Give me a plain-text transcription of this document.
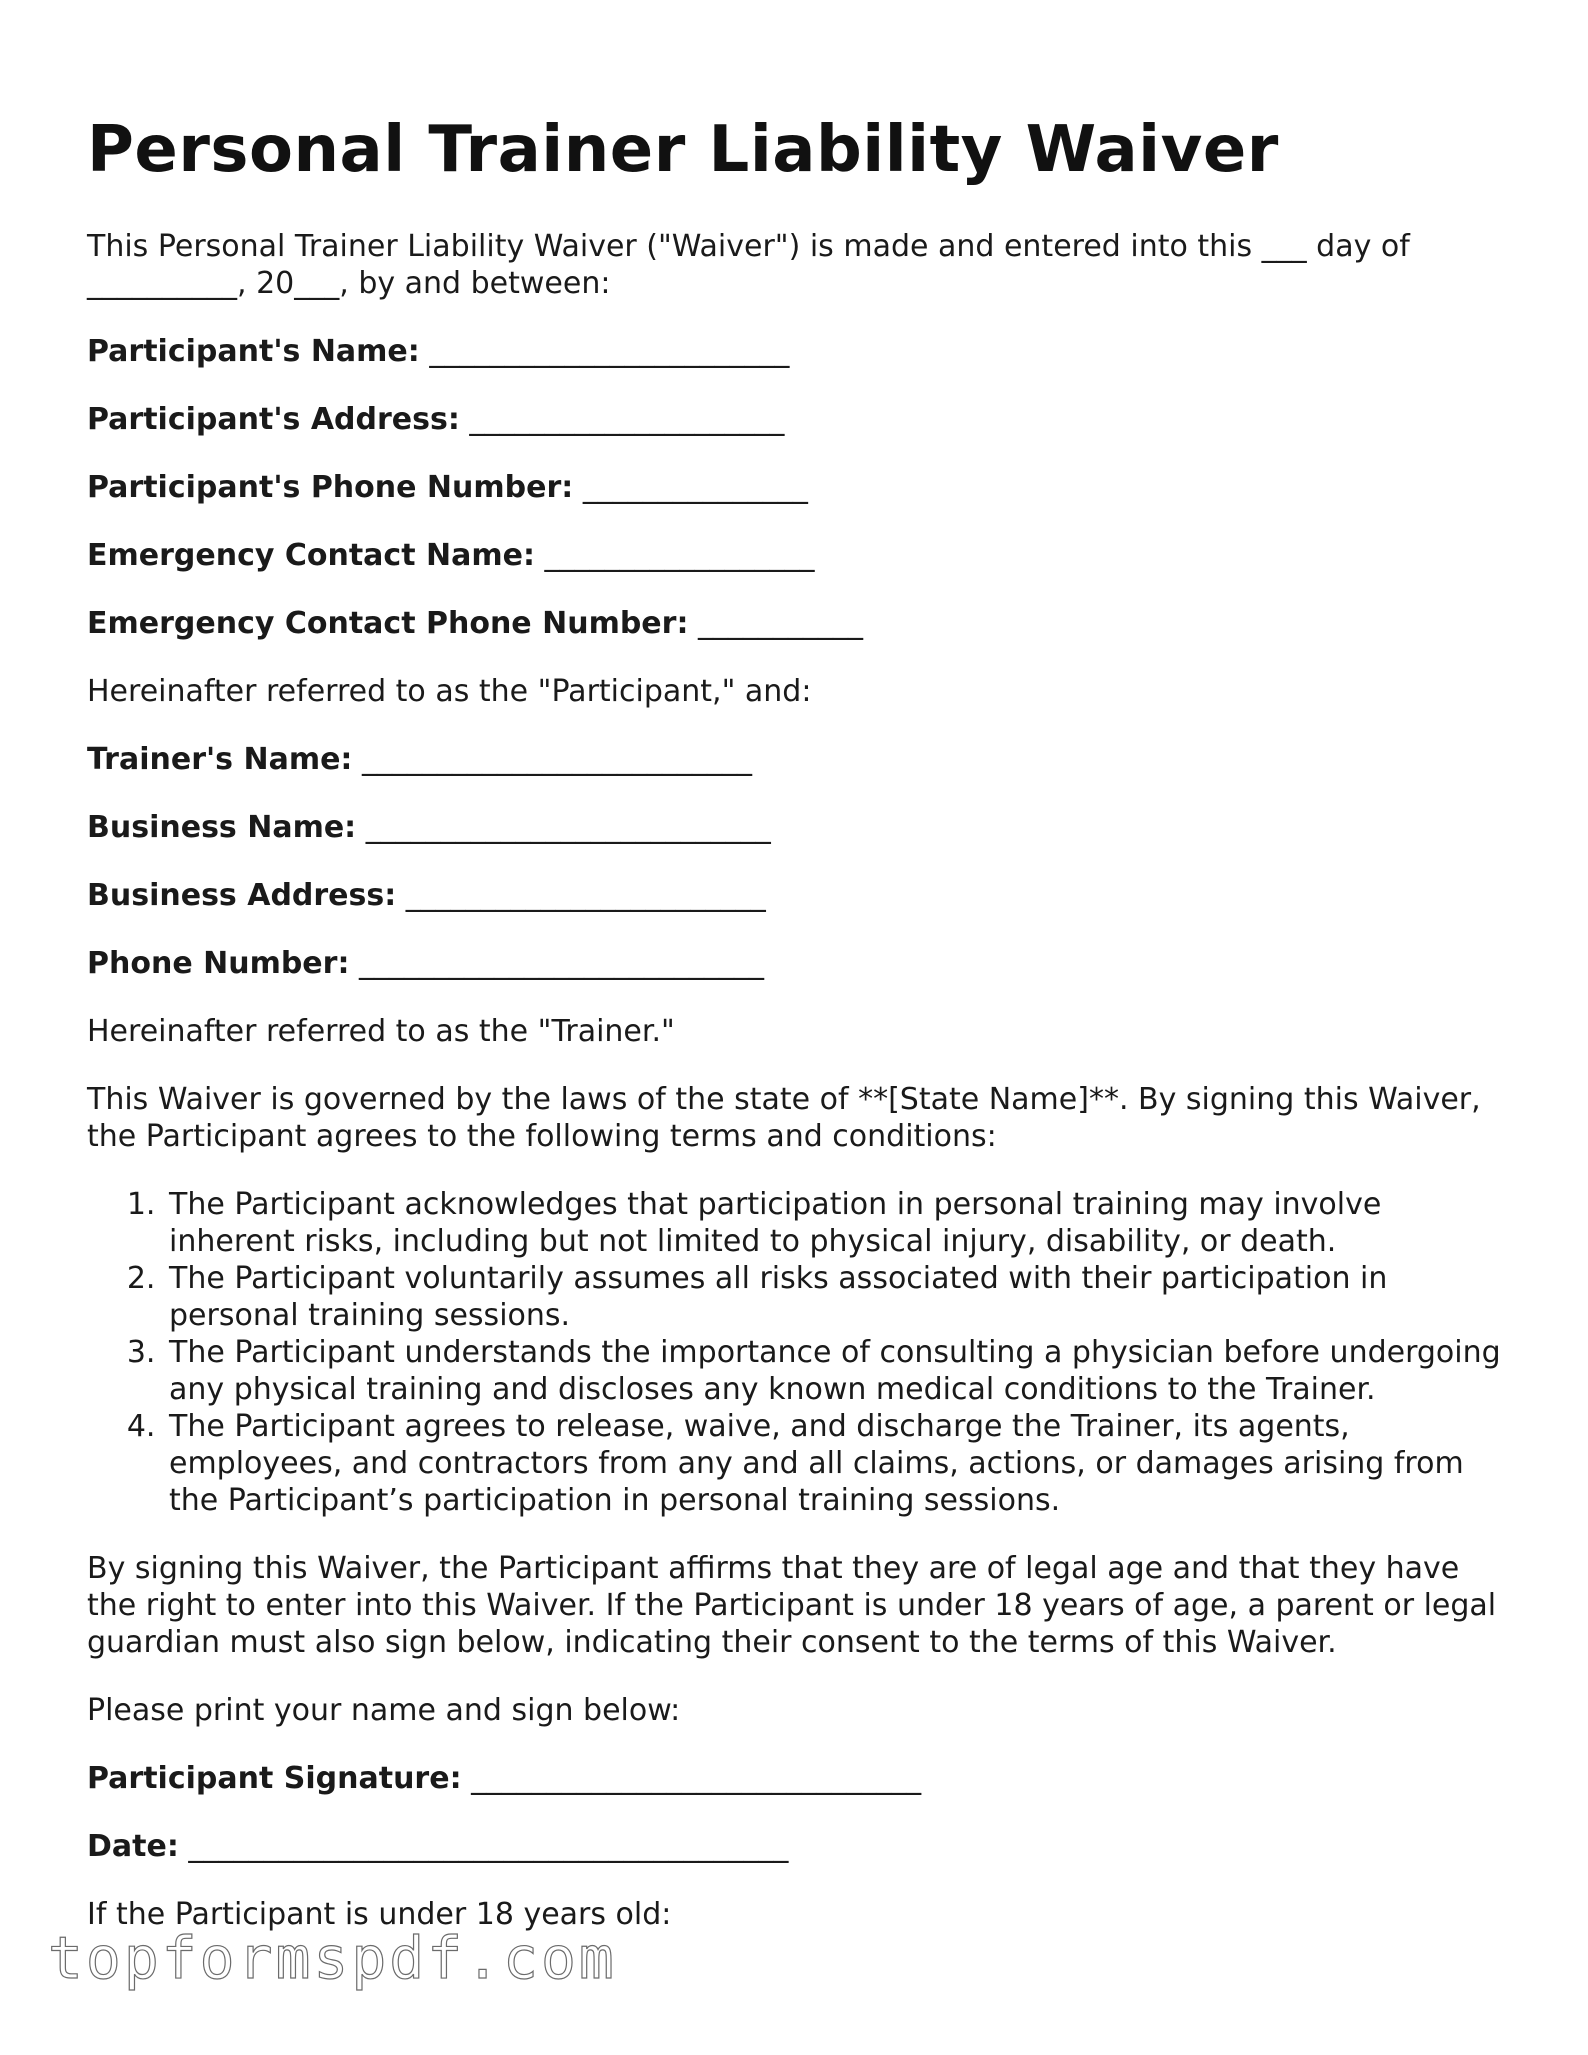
Personal Trainer Liability Waiver

This Personal Trainer Liability Waiver ("Waiver") is made and entered into this ___ day of __________, 20___, by and between:

Participant's Name: ________________________
Participant's Address: _____________________
Participant's Phone Number: _______________
Emergency Contact Name: __________________
Emergency Contact Phone Number: ___________

Hereinafter referred to as the "Participant," and:

Trainer's Name: __________________________
Business Name: ___________________________
Business Address: ________________________
Phone Number: ___________________________

Hereinafter referred to as the "Trainer."

This Waiver is governed by the laws of the state of **[State Name]**. By signing this Waiver, the Participant agrees to the following terms and conditions:

1. The Participant acknowledges that participation in personal training may involve inherent risks, including but not limited to physical injury, disability, or death.
2. The Participant voluntarily assumes all risks associated with their participation in personal training sessions.
3. The Participant understands the importance of consulting a physician before undergoing any physical training and discloses any known medical conditions to the Trainer.
4. The Participant agrees to release, waive, and discharge the Trainer, its agents, employees, and contractors from any and all claims, actions, or damages arising from the Participant’s participation in personal training sessions.

By signing this Waiver, the Participant affirms that they are of legal age and that they have the right to enter into this Waiver. If the Participant is under 18 years of age, a parent or legal guardian must also sign below, indicating their consent to the terms of this Waiver.

Please print your name and sign below:

Participant Signature: ______________________________
Date: ________________________________________

If the Participant is under 18 years old:

topformspdf.com
